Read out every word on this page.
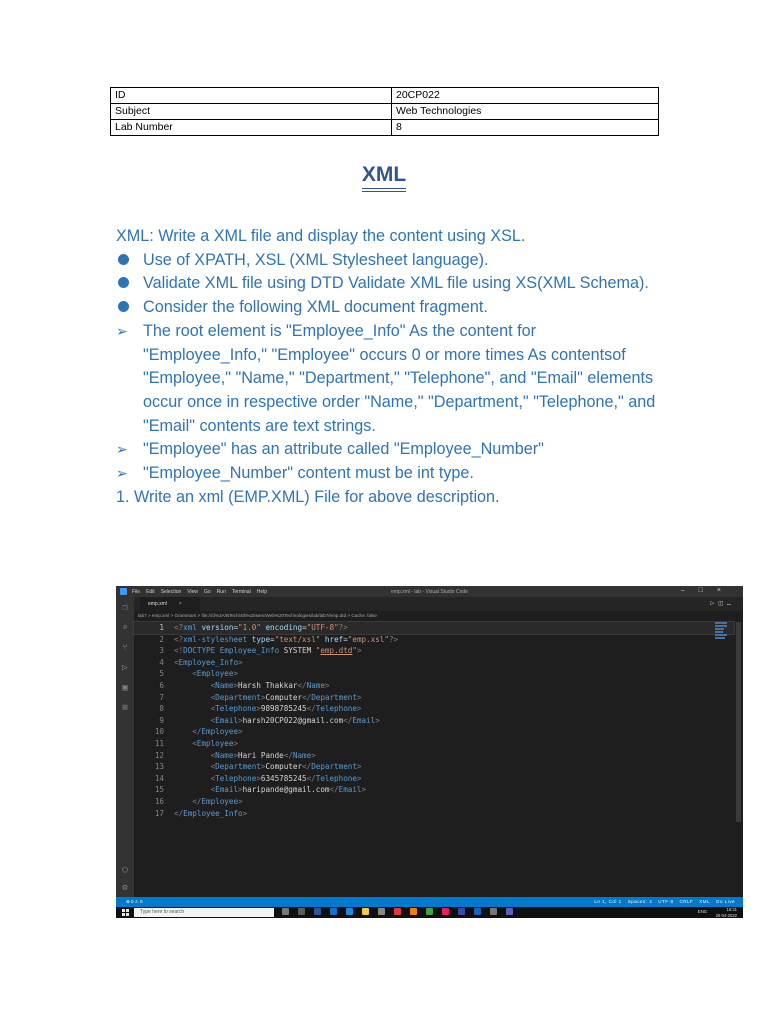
ID	20CP022
Subject	Web Technologies
Lab Number	8
XML

XML: Write a XML file and display the content using XSL.

Use of XPATH, XSL (XML Stylesheet language).
Validate XML file using DTD Validate XML file using XS(XML Schema).
Consider the following XML document fragment.
➢ The root element is "Employee_Info" As the content for "Employee_Info," "Employee" occurs 0 or more times As contentsof "Employee," "Name," "Department," "Telephone", and "Email" elements occur once in respective order "Name," "Department," "Telephone," and "Email" contents are text strings.
➢ "Employee" has an attribute called "Employee_Number"
➢ "Employee_Number" content must be int type.

1. Write an xml (EMP.XML) File for above description.

File Edit Selection View Go Run Terminal Help	emp.xml - lab - Visual Studio Code	–□×
❐
⌕
⑂
▷
▣
⊞
◯
⚙
emp.xml ×	▷◫…
lab7 > emp.xml > Grammars > file:///d%3A/BTech/4th%20sem/Web%20Technologies/lab/lab7/emp.dtd > Cache: false
1 <?xml version="1.0" encoding="UTF-8"?>
2 <?xml-stylesheet type="text/xsl" href="emp.xsl"?>
3 <!DOCTYPE Employee_Info SYSTEM "emp.dtd">
4 <Employee_Info>
5	<Employee>
6	<Name>Harsh Thakkar</Name>
7	<Department>Computer</Department>
8	<Telephone>9898785245</Telephone>
9	<Email>harsh20CP022@gmail.com</Email>
10	</Employee>
11	<Employee>
12	<Name>Hari Pande</Name>
13	<Department>Computer</Department>
14	<Telephone>6345785245</Telephone>
15	<Email>haripande@gmail.com</Email>
16	</Employee>
17 </Employee_Info>
⊗ 0 ⚠ 0	Ln 1, Col 1 Spaces: 4 UTF-8 CRLF XML Go Live
Type here to search	ENG	16:21
26-04-2022
